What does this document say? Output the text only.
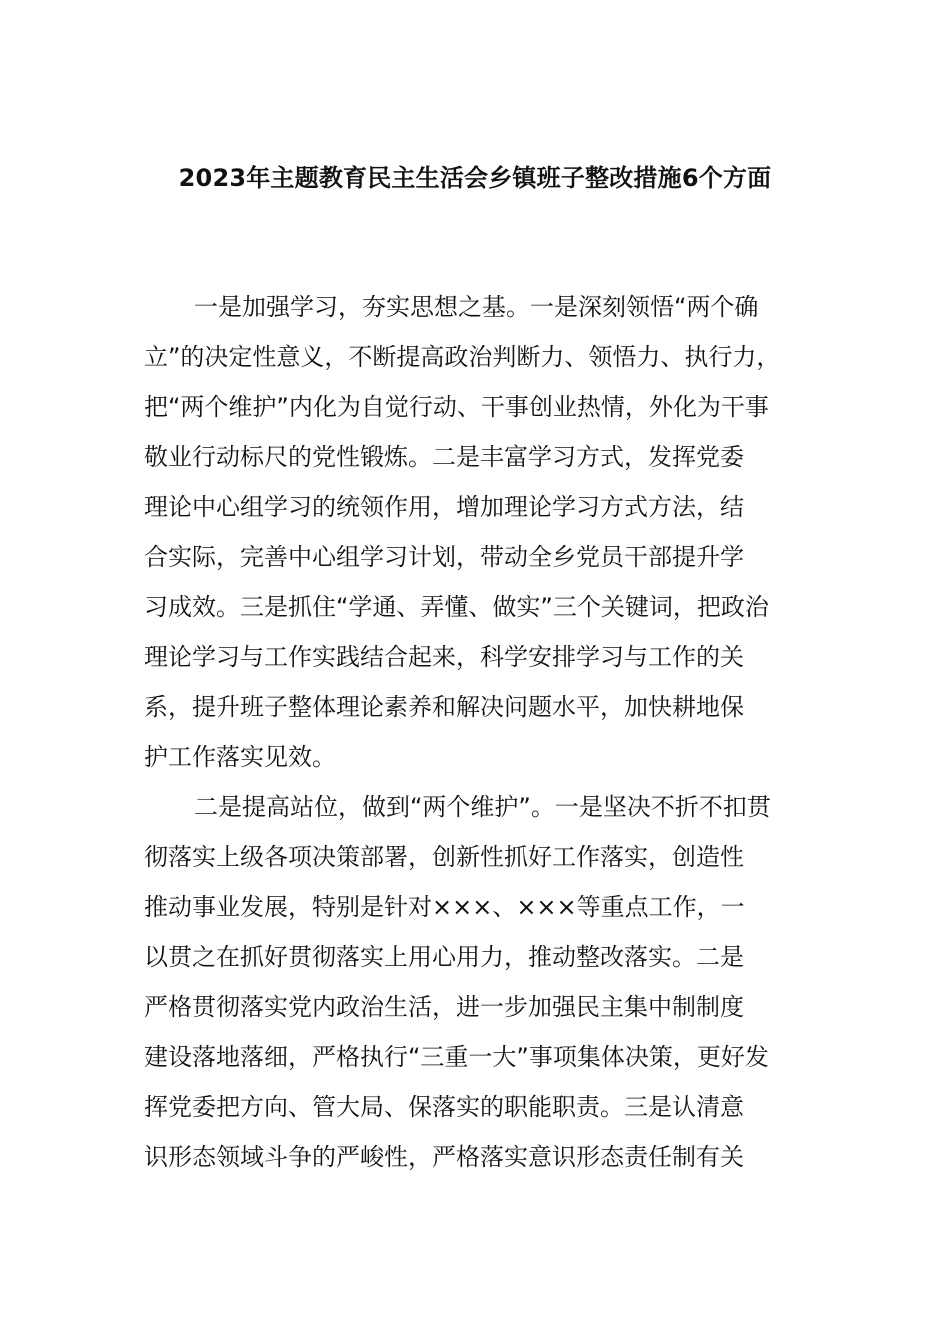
2023年主题教育民主生活会乡镇班子整改措施6个方面
一是加强学习，夯实思想之基。一是深刻领悟“两个确
立”的决定性意义，不断提高政治判断力、领悟力、执行力，
把“两个维护”内化为自觉行动、干事创业热情，外化为干事
敬业行动标尺的党性锻炼。二是丰富学习方式，发挥党委
理论中心组学习的统领作用，增加理论学习方式方法，结
合实际，完善中心组学习计划，带动全乡党员干部提升学
习成效。三是抓住“学通、弄懂、做实”三个关键词，把政治
理论学习与工作实践结合起来，科学安排学习与工作的关
系，提升班子整体理论素养和解决问题水平，加快耕地保
护工作落实见效。
二是提高站位，做到“两个维护”。一是坚决不折不扣贯
彻落实上级各项决策部署，创新性抓好工作落实，创造性
推动事业发展，特别是针对×××、×××等重点工作，一
以贯之在抓好贯彻落实上用心用力，推动整改落实。二是
严格贯彻落实党内政治生活，进一步加强民主集中制制度
建设落地落细，严格执行“三重一大”事项集体决策，更好发
挥党委把方向、管大局、保落实的职能职责。三是认清意
识形态领域斗争的严峻性，严格落实意识形态责任制有关
